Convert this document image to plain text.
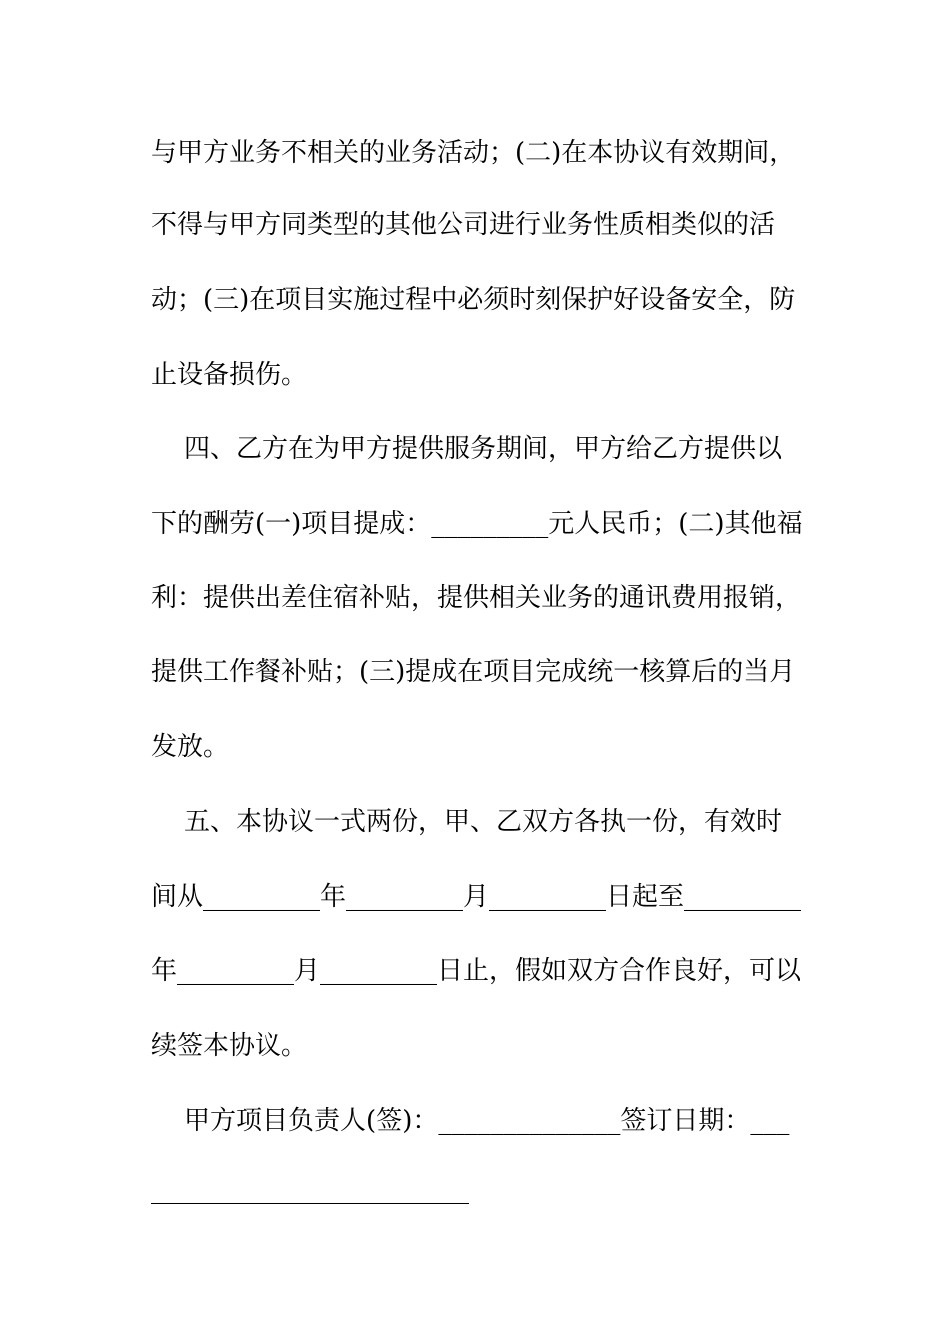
与甲方业务不相关的业务活动；(二)在本协议有效期间，
不得与甲方同类型的其他公司进行业务性质相类似的活
动；(三)在项目实施过程中必须时刻保护好设备安全，防
止设备损伤。
四、乙方在为甲方提供服务期间，甲方给乙方提供以
下的酬劳(一)项目提成：_________元人民币；(二)其他福
利：提供出差住宿补贴，提供相关业务的通讯费用报销，
提供工作餐补贴；(三)提成在项目完成统一核算后的当月
发放。
五、本协议一式两份，甲、乙双方各执一份，有效时
间从_________年_________月_________日起至_________
年_________月_________日止，假如双方合作良好，可以
续签本协议。
甲方项目负责人(签)：______________签订日期：___
